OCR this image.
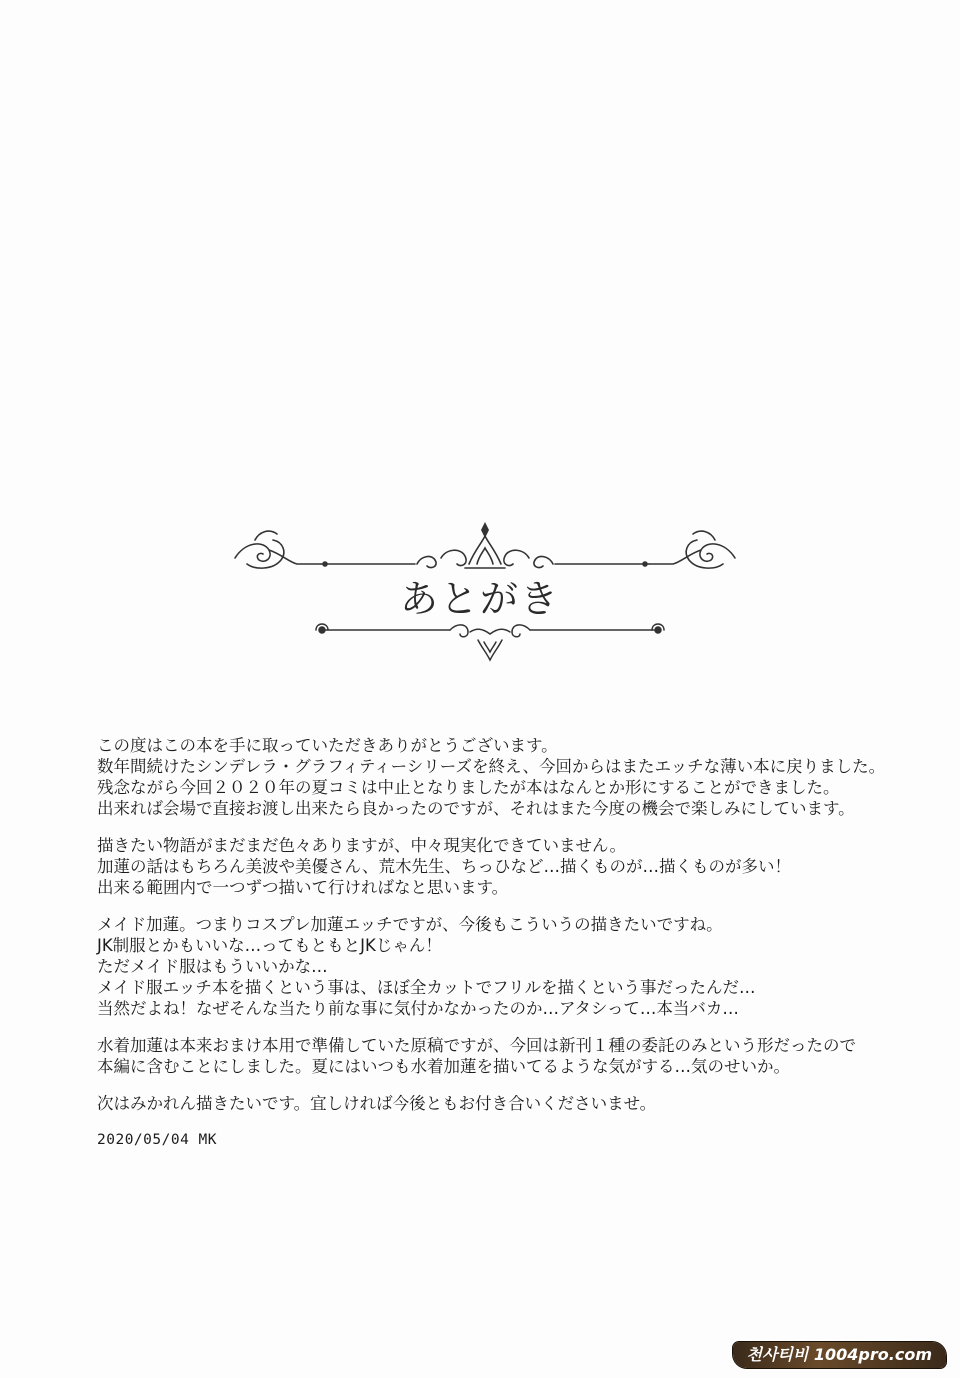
あとがき
この度はこの本を手に取っていただきありがとうございます。
数年間続けたシンデレラ・グラフィティーシリーズを終え、今回からはまたエッチな薄い本に戻りました。
残念ながら今回２０２０年の夏コミは中止となりましたが本はなんとか形にすることができました。
出来れば会場で直接お渡し出来たら良かったのですが、それはまた今度の機会で楽しみにしています。
描きたい物語がまだまだ色々ありますが、中々現実化できていません。
加蓮の話はもちろん美波や美優さん、荒木先生、ちっひなど…描くものが…描くものが多い！
出来る範囲内で一つずつ描いて行ければなと思います。
メイド加蓮。つまりコスプレ加蓮エッチですが、今後もこういうの描きたいですね。
JK制服とかもいいな…ってもともとJKじゃん！
ただメイド服はもういいかな…
メイド服エッチ本を描くという事は、ほぼ全カットでフリルを描くという事だったんだ…
当然だよね！なぜそんな当たり前な事に気付かなかったのか…アタシって…本当バカ…
水着加蓮は本来おまけ本用で準備していた原稿ですが、今回は新刊１種の委託のみという形だったので
本編に含むことにしました。夏にはいつも水着加蓮を描いてるような気がする…気のせいか。
次はみかれん描きたいです。宜しければ今後ともお付き合いくださいませ。
2020/05/04 MK
천사티비 1004pro.com
